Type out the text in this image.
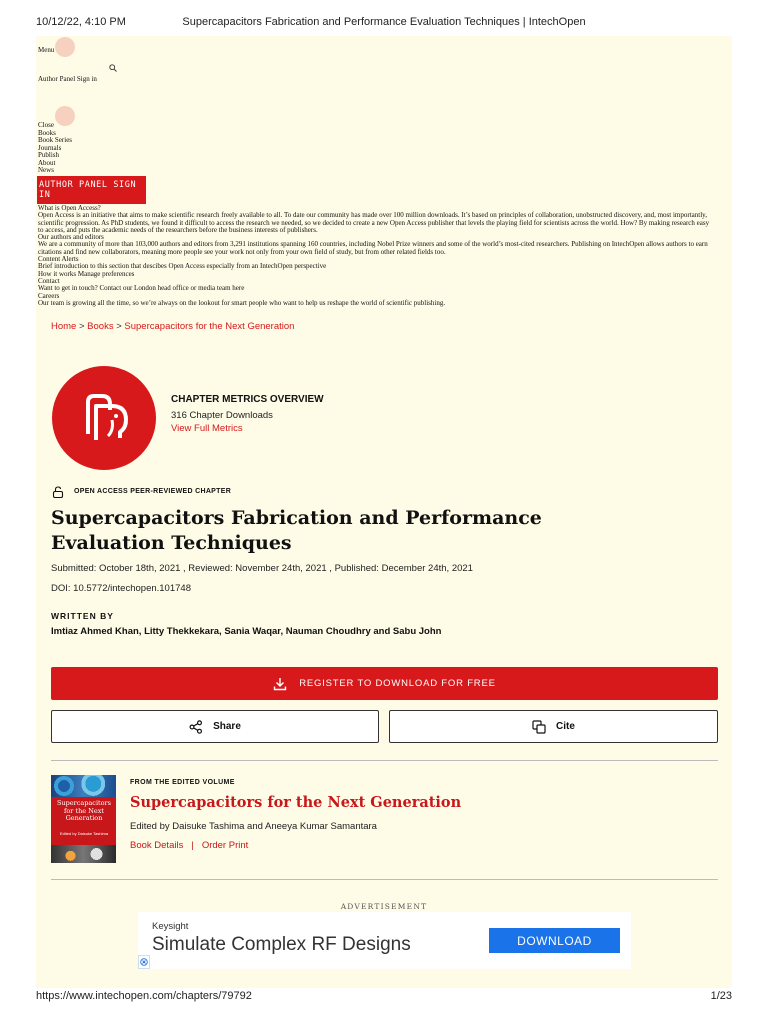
10/12/22, 4:10 PM	Supercapacitors Fabrication and Performance Evaluation Techniques | IntechOpen
Menu
Author Panel Sign in
Close
Books
Book Series
Journals
Publish
About
News
AUTHOR PANEL SIGN IN
What is Open Access?
Open Access is an initiative that aims to make scientific research freely available to all. To date our community has made over 100 million downloads. It’s based on principles of collaboration, unobstructed discovery, and, most importantly,
scientific progression. As PhD students, we found it difficult to access the research we needed, so we decided to create a new Open Access publisher that levels the playing field for scientists across the world. How? By making research easy
to access, and puts the academic needs of the researchers before the business interests of publishers.
Our authors and editors
We are a community of more than 103,000 authors and editors from 3,291 institutions spanning 160 countries, including Nobel Prize winners and some of the world’s most-cited researchers. Publishing on IntechOpen allows authors to earn
citations and find new collaborators, meaning more people see your work not only from your own field of study, but from other related fields too.
Content Alerts
Brief introduction to this section that descibes Open Access especially from an IntechOpen perspective
How it works Manage preferences
Contact
Want to get in touch? Contact our London head office or media team here
Careers
Our team is growing all the time, so we’re always on the lookout for smart people who want to help us reshape the world of scientific publishing.
Home > Books > Supercapacitors for the Next Generation
CHAPTER METRICS OVERVIEW
316 Chapter Downloads
View Full Metrics
OPEN ACCESS PEER-REVIEWED CHAPTER
Supercapacitors Fabrication and Performance Evaluation Techniques
Submitted: October 18th, 2021 , Reviewed: November 24th, 2021 , Published: December 24th, 2021
DOI: 10.5772/intechopen.101748
WRITTEN BY
Imtiaz Ahmed Khan, Litty Thekkekara, Sania Waqar, Nauman Choudhry and Sabu John
REGISTER TO DOWNLOAD FOR FREE
Share	Cite
Supercapacitors for the Next Generation
Edited by Daisuke Tashima
FROM THE EDITED VOLUME
Supercapacitors for the Next Generation
Edited by Daisuke Tashima and Aneeya Kumar Samantara
Book Details | Order Print
ADVERTISEMENT
Keysight
Simulate Complex RF Designs	DOWNLOAD
https://www.intechopen.com/chapters/79792	1/23
